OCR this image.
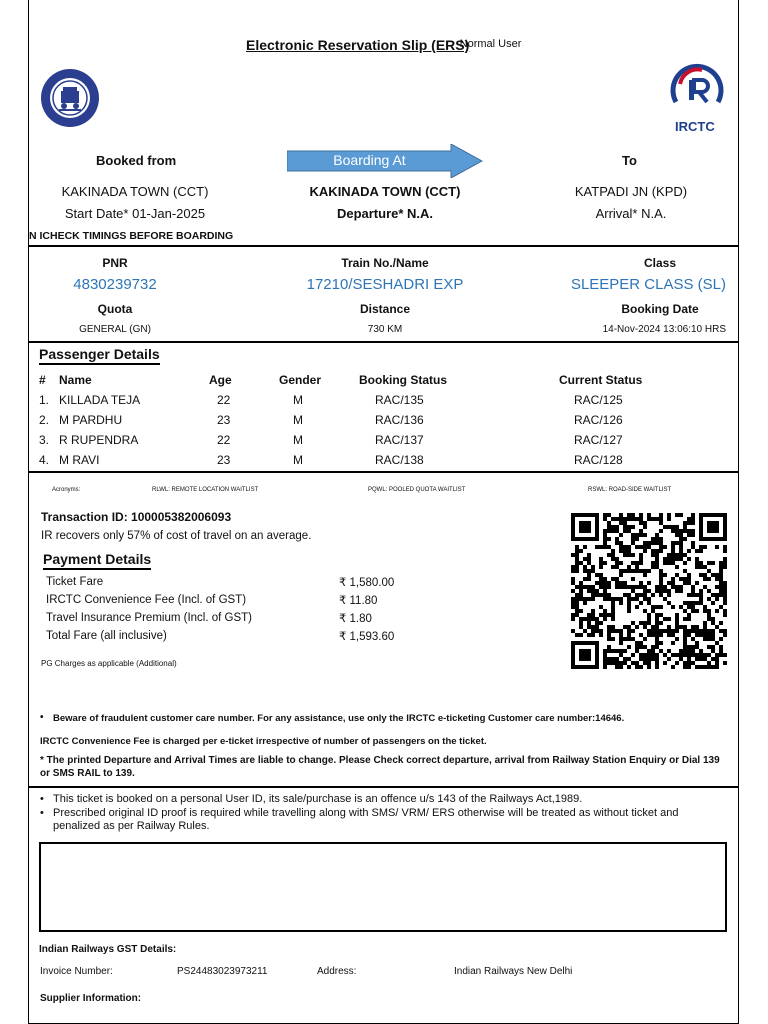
Electronic Reservation Slip (ERS)
-Normal User
IRCTC
Booked from	Boarding At	To
KAKINADA TOWN (CCT)	KAKINADA TOWN (CCT)	KATPADI JN (KPD)
Start Date* 01-Jan-2025	Departure* N.A.	Arrival* N.A.
N ICHECK TIMINGS BEFORE BOARDING
PNR	Train No./Name	Class
4830239732	17210/SESHADRI EXP	SLEEPER CLASS (SL)
Quota	Distance	Booking Date
GENERAL (GN)	730 KM	14-Nov-2024 13:06:10 HRS
Passenger Details
#	Name	Age	Gender	Booking Status	Current Status
1.	KILLADA TEJA	22	M	RAC/135	RAC/125
2.	M PARDHU	23	M	RAC/136	RAC/126
3.	R RUPENDRA	22	M	RAC/137	RAC/127
4.	M RAVI	23	M	RAC/138	RAC/128
Acronyms:	RLWL: REMOTE LOCATION WAITLIST	PQWL: POOLED QUOTA WAITLIST	RSWL: ROAD-SIDE WAITLIST
Transaction ID: 100005382006093
IR recovers only 57% of cost of travel on an average.
Payment Details
Ticket Fare	₹ 1,580.00
IRCTC Convenience Fee (Incl. of GST)	₹ 11.80
Travel Insurance Premium (Incl. of GST)	₹ 1.80
Total Fare (all inclusive)	₹ 1,593.60
PG Charges as applicable (Additional)
• Beware of fraudulent customer care number. For any assistance, use only the IRCTC e-ticketing Customer care number:14646.
IRCTC Convenience Fee is charged per e-ticket irrespective of number of passengers on the ticket.
* The printed Departure and Arrival Times are liable to change. Please Check correct departure, arrival from Railway Station Enquiry or Dial 139 or SMS RAIL to 139.
• This ticket is booked on a personal User ID, its sale/purchase is an offence u/s 143 of the Railways Act,1989.
• Prescribed original ID proof is required while travelling along with SMS/ VRM/ ERS otherwise will be treated as without ticket and penalized as per Railway Rules.
Indian Railways GST Details:
Invoice Number:	PS24483023973211	Address:	Indian Railways New Delhi
Supplier Information:
